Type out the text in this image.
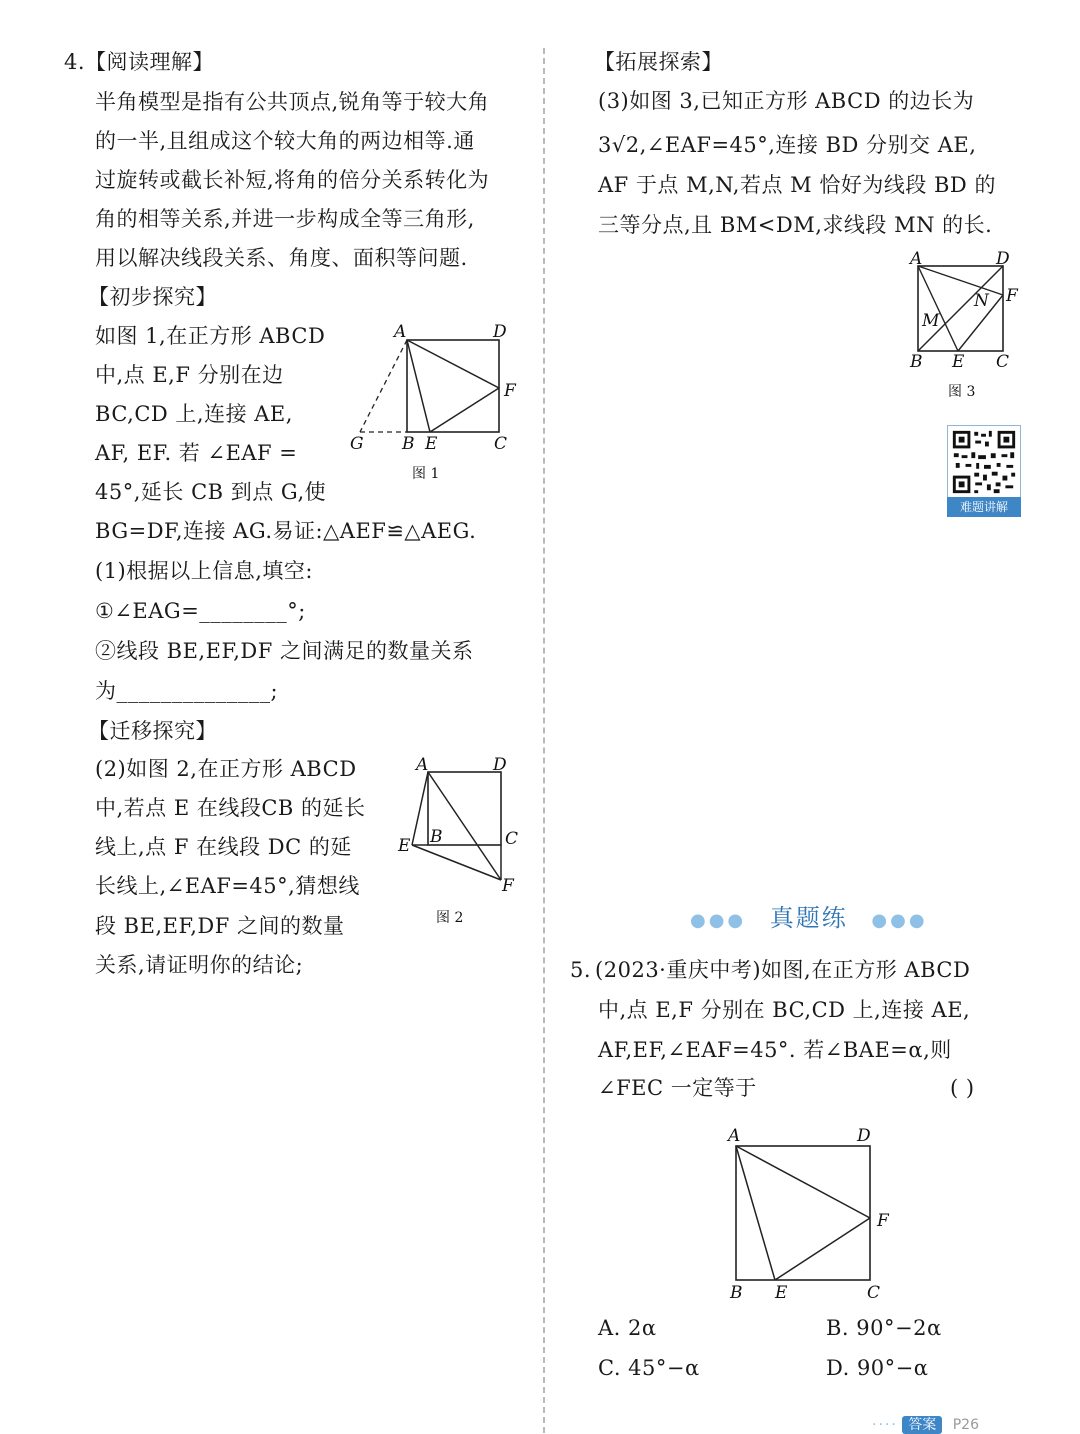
4.【阅读理解】
半角模型是指有公共顶点,锐角等于较大角
的一半,且组成这个较大角的两边相等.通
过旋转或截长补短,将角的倍分关系转化为
角的相等关系,并进一步构成全等三角形,
用以解决线段关系、角度、面积等问题.
【初步探究】
如图 1,在正方形 ABCD
中,点 E,F 分别在边
BC,CD 上,连接 AE,
AF, EF. 若 ∠EAF =
45°,延长 CB 到点 G,使
BG=DF,连接 AG.易证:△AEF≌△AEG.
(1)根据以上信息,填空:
①∠EAG=________°;
②线段 BE,EF,DF 之间满足的数量关系
为______________;
【迁移探究】
(2)如图 2,在正方形 ABCD
中,若点 E 在线段CB 的延长
线上,点 F 在线段 DC 的延
长线上,∠EAF=45°,猜想线
段 BE,EF,DF 之间的数量
关系,请证明你的结论;
A	D
F
G B E	C
图 1
A	D
E B	C
F
图 2
【拓展探索】
(3)如图 3,已知正方形 ABCD 的边长为
3√2,∠EAF=45°,连接 BD 分别交 AE,
AF 于点 M,N,若点 M 恰好为线段 BD 的
三等分点,且 BM<DM,求线段 MN 的长.
A	D
N F
M
B E C
图 3
难题讲解
●●● 真题练 ●●●
5. (2023·重庆中考)如图,在正方形 ABCD
中,点 E,F 分别在 BC,CD 上,连接 AE,
AF,EF,∠EAF=45°. 若∠BAE=α,则
∠FEC 一定等于	( )
A	D
F
B E	C
A. 2α	B. 90°−2α
C. 45°−α	D. 90°−α
···· 答案 P26
